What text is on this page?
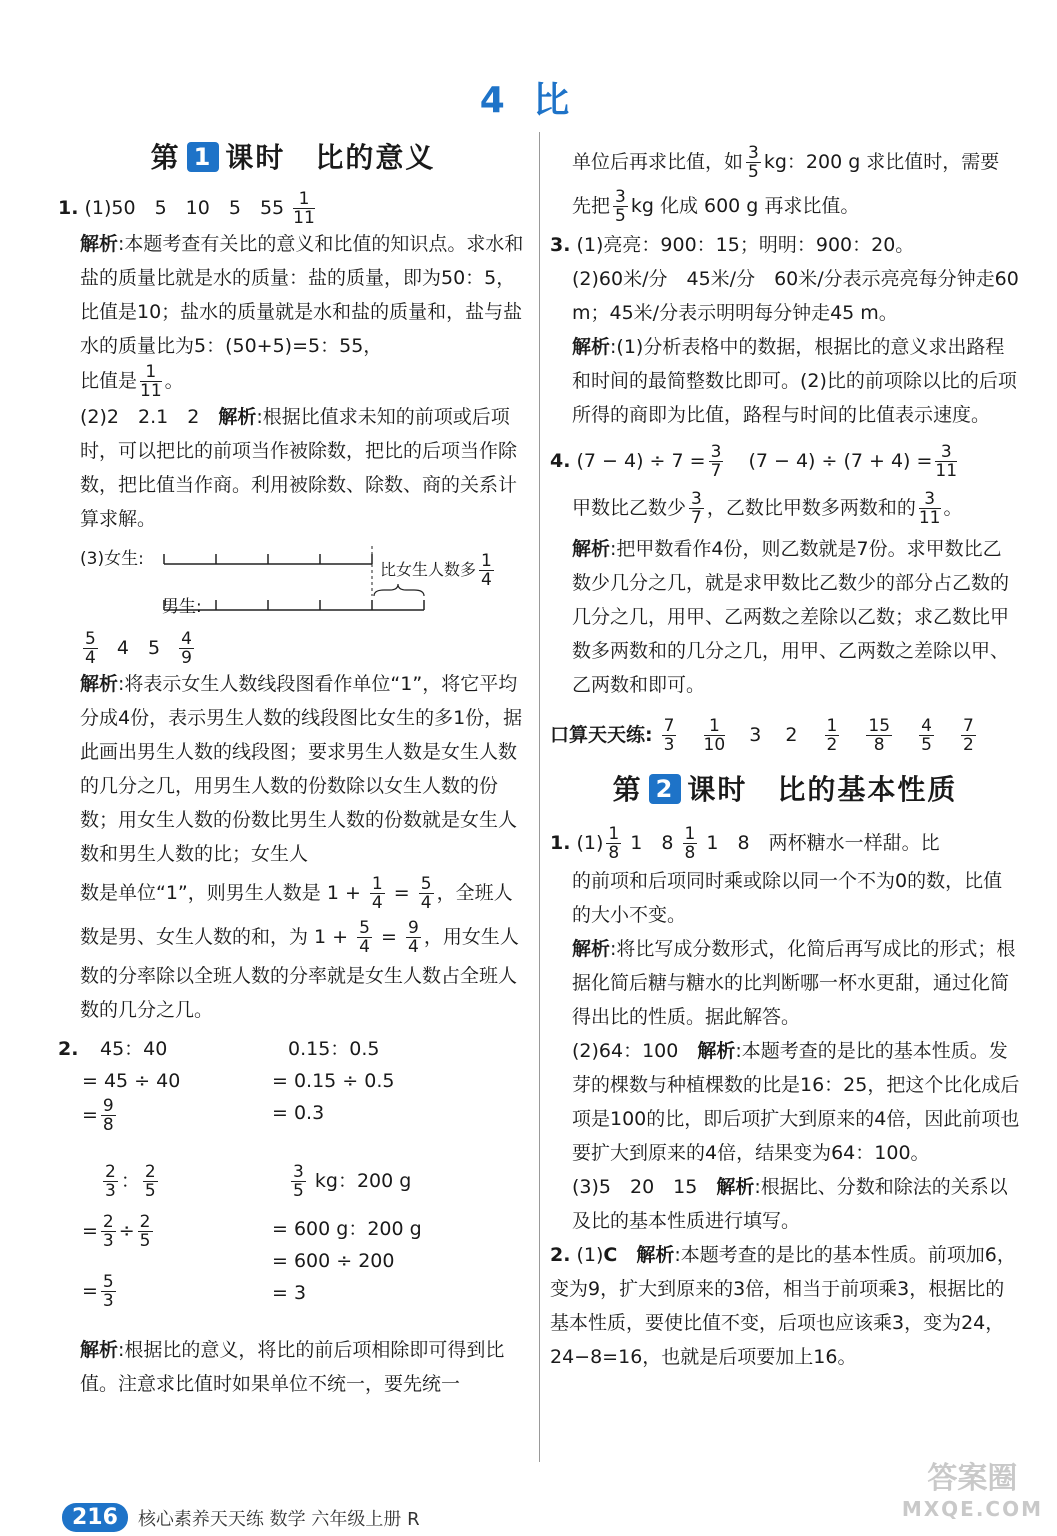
4 比
第 1 课时　比的意义

1. (1)50　5　10　5　$55 \frac{1}{11}$

解析:本题考查有关比的意义和比值的知识点。求水和盐的质量比就是水的质量：盐的质量，即为50：5，比值是10；盐水的质量就是水和盐的质量和，盐与盐水的质量比为5：(50+5)=5：55，

比值是 $\frac{1}{11}$ 。

(2)2　2.1　2　 解析:根据比值求未知的前项或后项时，可以把比的前项当作被除数，把比的后项当作除数，把比值当作商。利用被除数、除数、商的关系计算求解。

(3)女生:
男生:
比女生人数多 $\frac{1}{4}$

$\frac{5}{4} 4$　$5 \frac{4}{9}$

解析:将表示女生人数线段图看作单位“1”，将它平均分成4份，表示男生人数的线段图比女生的多1份，据此画出男生人数的线段图；要求男生人数是女生人数的几分之几，用男生人数的份数除以女生人数的份数；用女生人数的份数比男生人数的份数就是女生人数和男生人数的比；女生人

数是单位“1”，则男生人数是 $1 + \frac{1}{4} = \frac{5}{4}$ ，全班人

数是男、女生人数的和，为 $1 + \frac{5}{4} = \frac{9}{4}$ ，用女生人

数的分率除以全班人数的分率就是女生人数占全班人数的几分之几。

2. 45：40
= 45 ÷ 40
= $\frac{9}{8}$
0.15：0.5
= 0.15 ÷ 0.5
= 0.3
$\frac{2}{3}$ ： $\frac{2}{5}$
= $\frac{2}{3} \div \frac{2}{5}$
= $\frac{5}{3}$
$\frac{3}{5}$ kg：200 g
= 600 g：200 g
= 600 ÷ 200
= 3

解析:根据比的意义，将比的前后项相除即可得到比值。注意求比值时如果单位不统一，要先统一

单位后再求比值，如 $\frac{3}{5}$ kg：200 g 求比值时，需要

先把 $\frac{3}{5}$ kg 化成 600 g 再求比值。

3. (1)亮亮：900：15；明明：900：20。

(2)60米/分　45米/分　60米/分表示亮亮每分钟走60 m；45米/分表示明明每分钟走45 m。

解析:(1)分析表格中的数据，根据比的意义求出路程和时间的最简整数比即可。(2)比的前项除以比的后项所得的商即为比值，路程与时间的比值表示速度。

4. $(7 - 4) \div 7 = \frac{3}{7} (7 - 4) \div (7 + 4) = \frac{3}{11}$

甲数比乙数少 $\frac{3}{7}$ ，乙数比甲数多两数和的 $\frac{3}{11}$ 。

解析:把甲数看作4份，则乙数就是7份。求甲数比乙数少几分之几，就是求甲数比乙数少的部分占乙数的几分之几，用甲、乙两数之差除以乙数；求乙数比甲数多两数和的几分之几，用甲、乙两数之差除以甲、乙两数和即可。

口算天天练: $\frac{7}{3}$
$\frac{1}{10} 3$ $2 \frac{1}{2}$
$\frac{15}{8}$
$\frac{4}{5}$
$\frac{7}{2}$

第 2 课时　比的基本性质

1. $(1) \frac{1}{8} 1$　$8 \frac{1}{8} 1$　8　两杯糖水一样甜。比

的前项和后项同时乘或除以同一个不为0的数，比值的大小不变。

解析:将比写成分数形式，化简后再写成比的形式；根据化简后糖与糖水的比判断哪一杯水更甜，通过化简得出比的性质。据此解答。

(2)64：100　 解析:本题考查的是比的基本性质。发芽的棵数与种植棵数的比是16：25，把这个比化成后项是100的比，即后项扩大到原来的4倍，因此前项也要扩大到原来的4倍，结果变为64：100。

(3)5　20　15　 解析:根据比、分数和除法的关系以及比的基本性质进行填写。

2. (1)C　 解析:本题考查的是比的基本性质。前项加6，变为9，扩大到原来的3倍，相当于前项乘3，根据比的基本性质，要使比值不变，后项也应该乘3，变为24，24−8=16，也就是后项要加上16。

216	核心素养天天练 数学 六年级上册 R
答案圈
MXQE.COM
